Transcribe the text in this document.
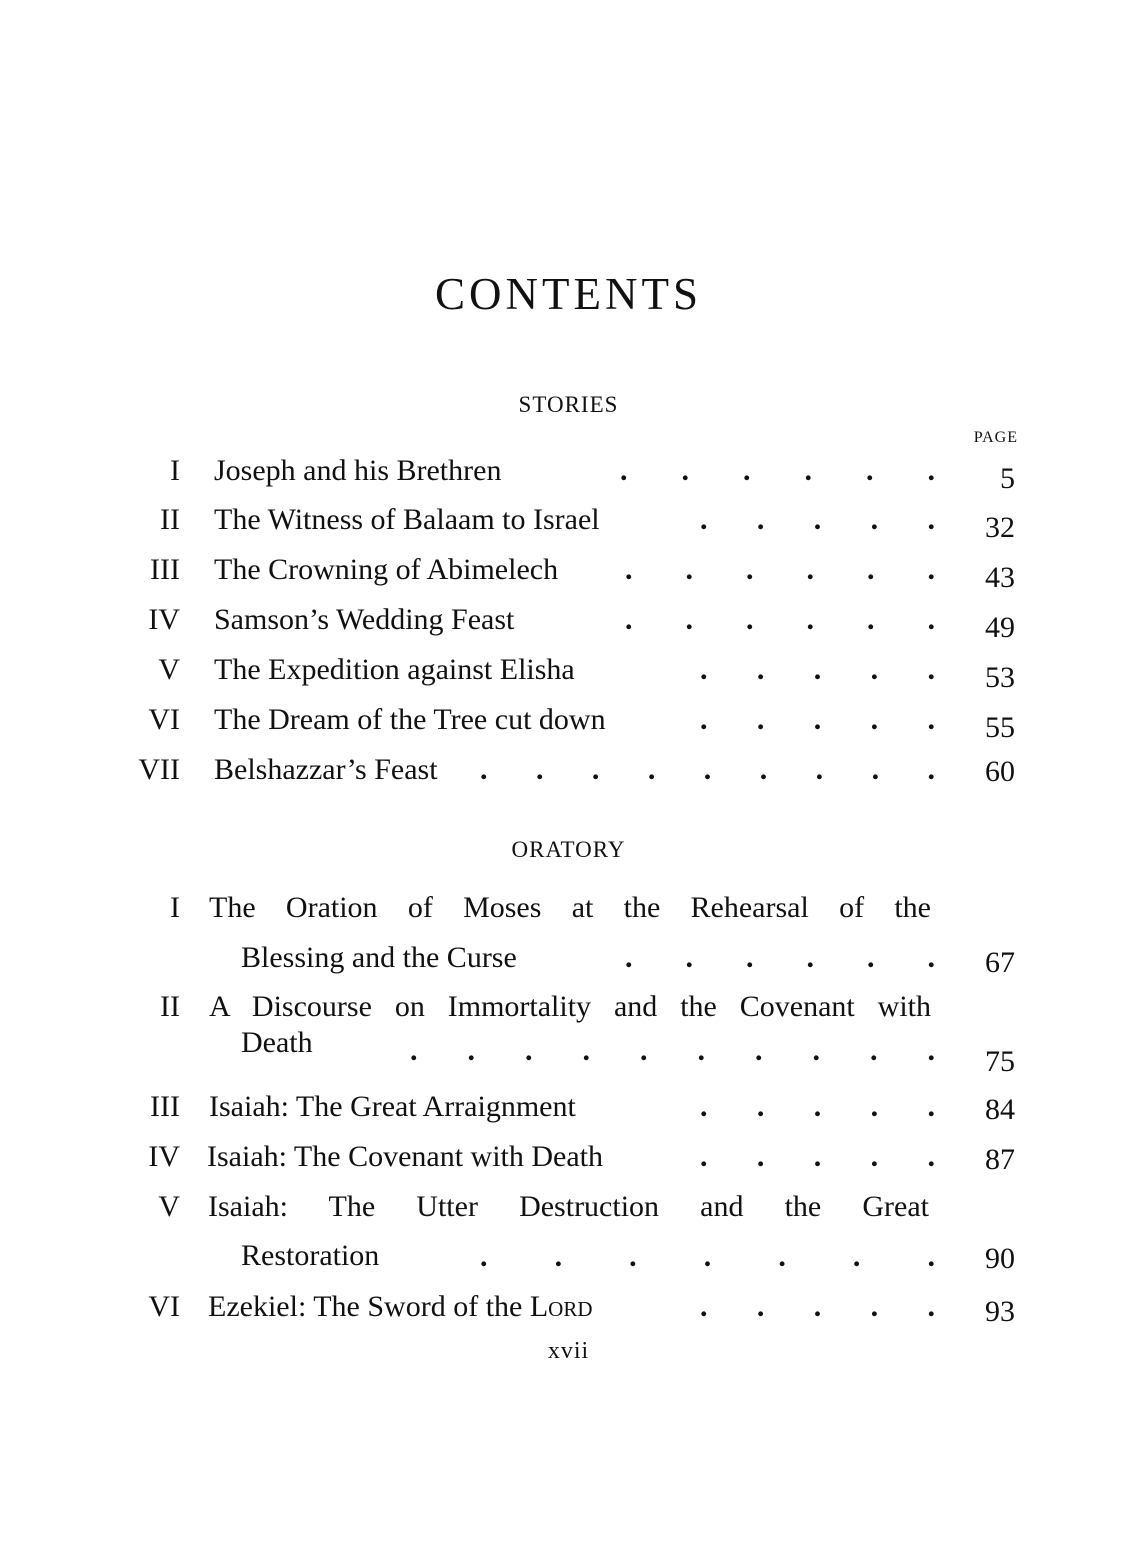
CONTENTS
STORIES
PAGE
I Joseph and his Brethren	. . . . . . 5
II The Witness of Balaam to Israel	. . . . . 32
III The Crowning of Abimelech . . . . . . 43
IV Samson’s Wedding Feast	. . . . . . 49
V The Expedition against Elisha	. . . . . 53
VI The Dream of the Tree cut down	. . . . . 55
VII Belshazzar’s Feast . . . . . . . . . 60
ORATORY
I The Oration of Moses at the Rehearsal of the
Blessing and the Curse	. . . . . . 67
II A Discourse on Immortality and the Covenant with
Death	. . . . . . . . . . 75
III Isaiah: The Great Arraignment	. . . . . 84
IV Isaiah: The Covenant with Death	. . . . . 87
V Isaiah: The Utter Destruction and the Great
Restoration	. . . . . . . 90
VI Ezekiel: The Sword of the Lord	. . . . . 93
xvii
